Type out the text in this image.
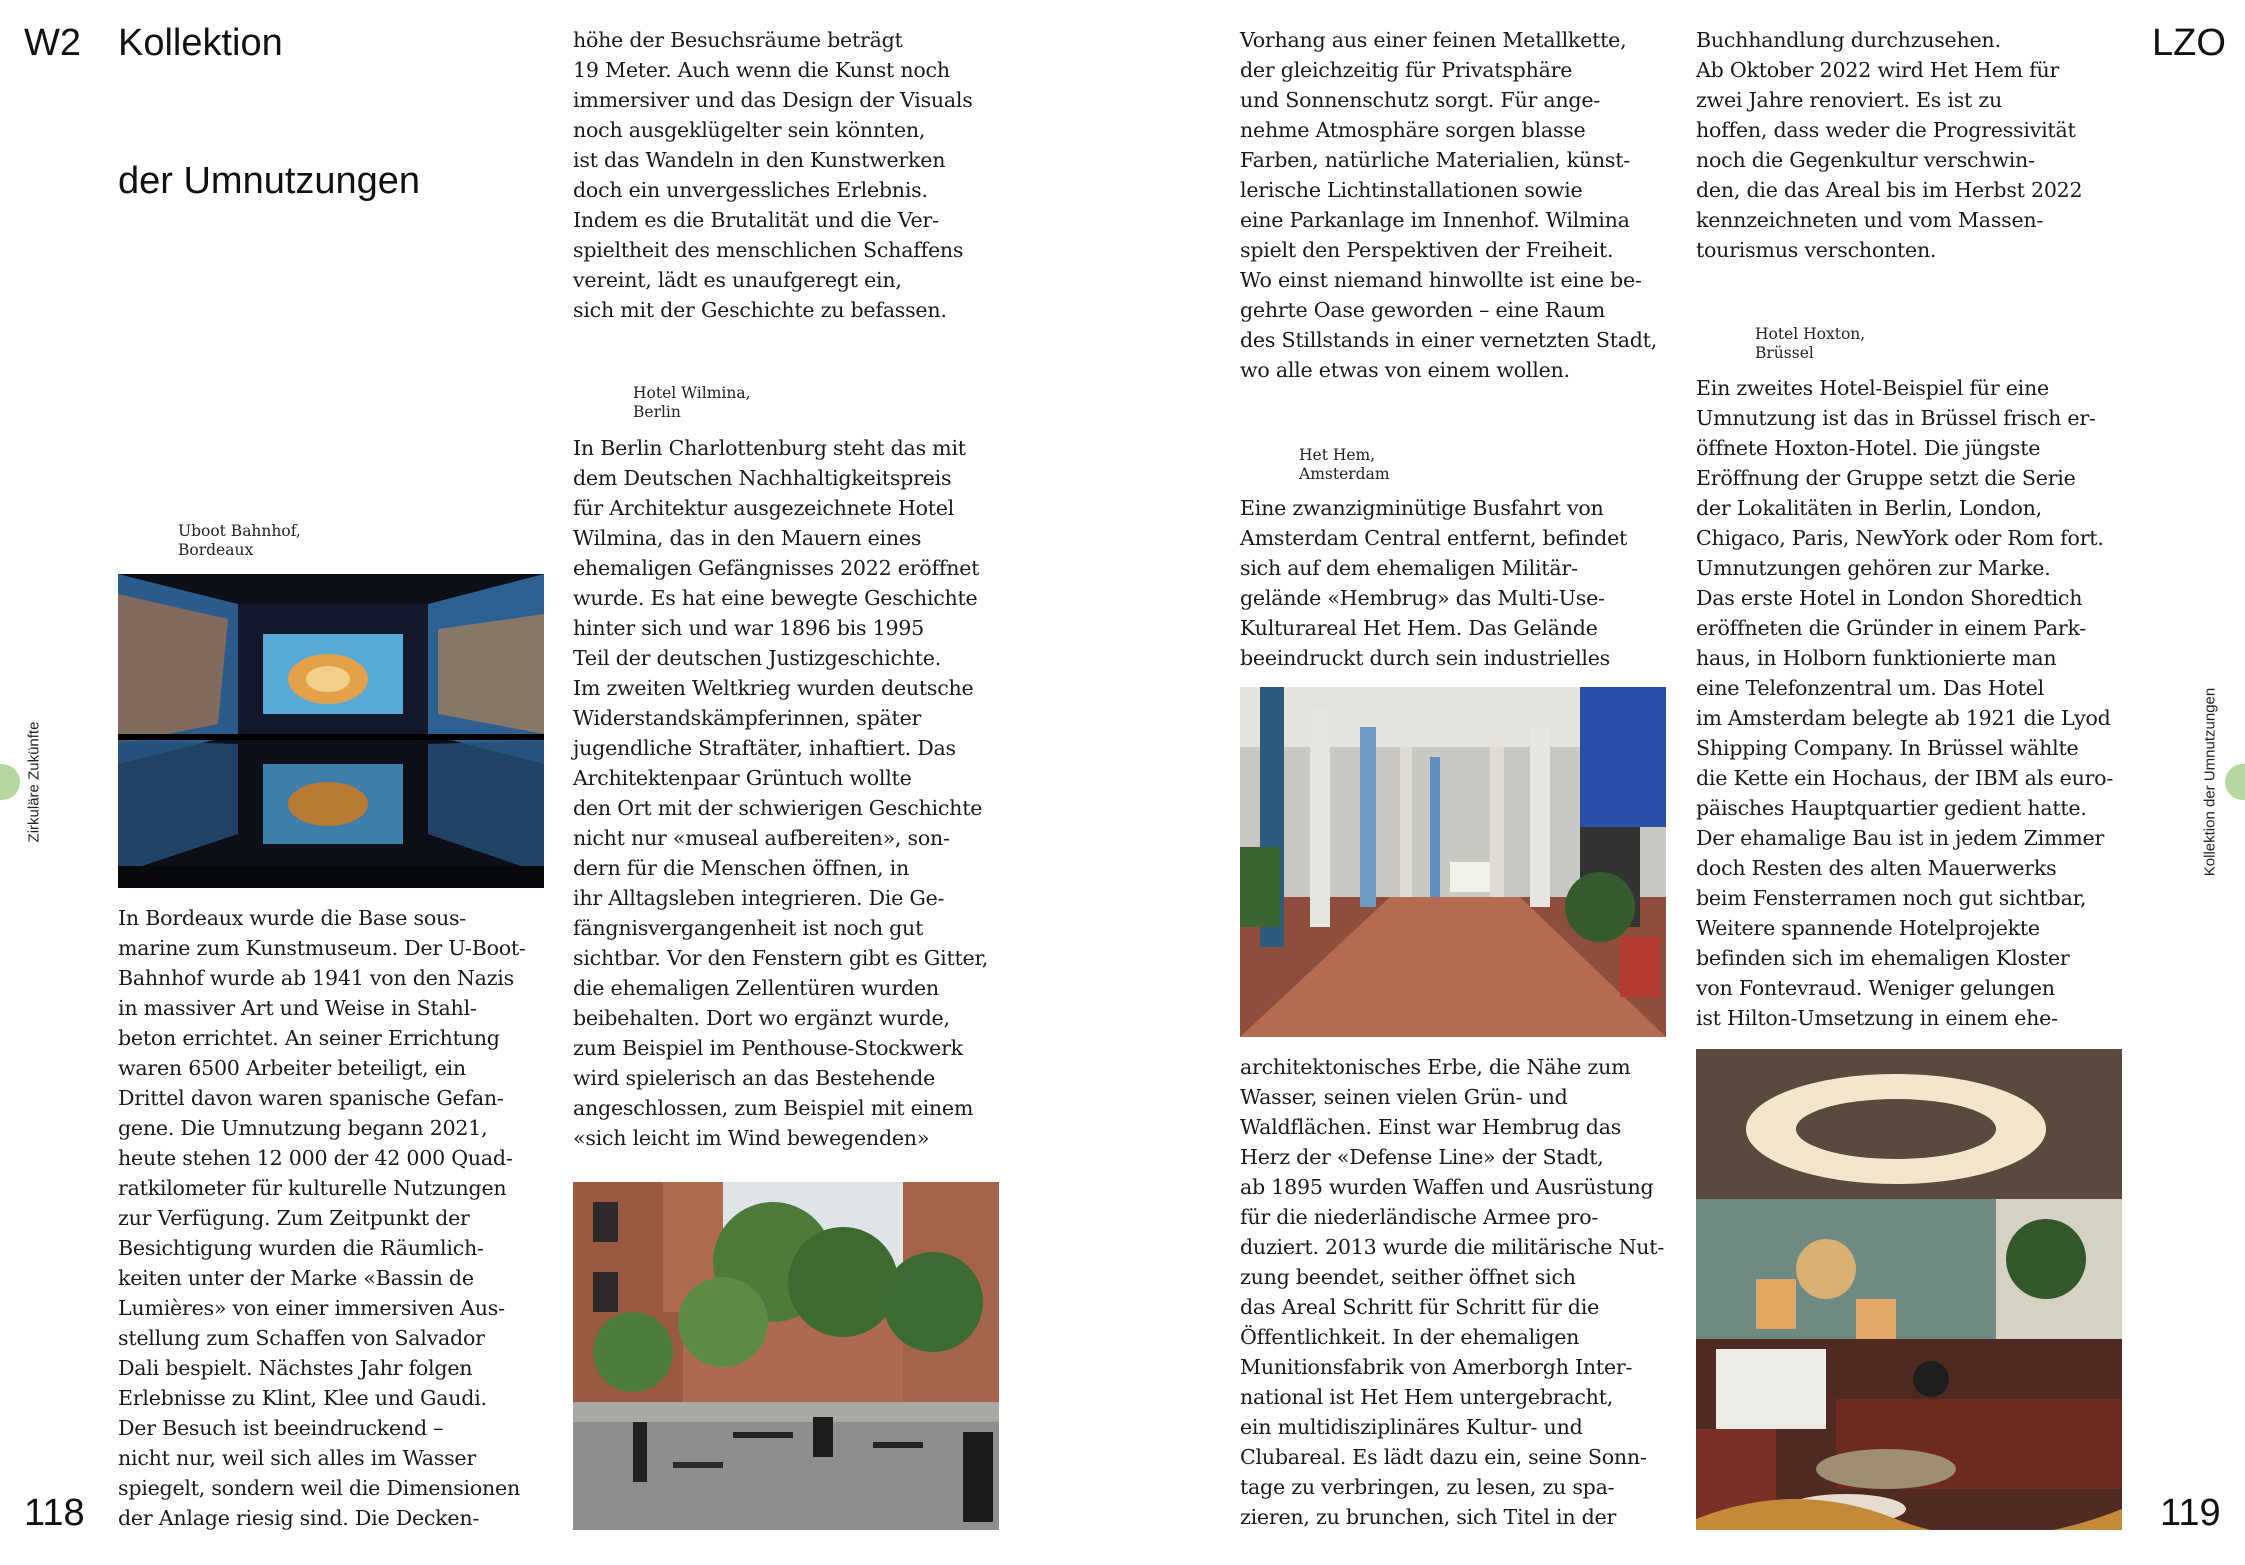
W2 Kollektion
der Umnutzungen
Zirkuläre Zukünfte
Uboot Bahnhof,
Bordeaux
In Bordeaux wurde die Base sous-
marine zum Kunstmuseum. Der U-Boot-
Bahnhof wurde ab 1941 von den Nazis
in massiver Art und Weise in Stahl-
beton errichtet. An seiner Errichtung
waren 6500 Arbeiter beteiligt, ein
Drittel davon waren spanische Gefan-
gene. Die Umnutzung begann 2021,
heute stehen 12 000 der 42 000 Quad-
ratkilometer für kulturelle Nutzungen
zur Verfügung. Zum Zeitpunkt der
Besichtigung wurden die Räumlich-
keiten unter der Marke «Bassin de
Lumières» von einer immersiven Aus-
stellung zum Schaffen von Salvador
Dali bespielt. Nächstes Jahr folgen
Erlebnisse zu Klint, Klee und Gaudi.
Der Besuch ist beeindruckend –
nicht nur, weil sich alles im Wasser
spiegelt, sondern weil die Dimensionen
der Anlage riesig sind. Die Decken-
höhe der Besuchsräume beträgt
19 Meter. Auch wenn die Kunst noch
immersiver und das Design der Visuals
noch ausgeklügelter sein könnten,
ist das Wandeln in den Kunstwerken
doch ein unvergessliches Erlebnis.
Indem es die Brutalität und die Ver-
spieltheit des menschlichen Schaffens
vereint, lädt es unaufgeregt ein,
sich mit der Geschichte zu befassen.
Hotel Wilmina,
Berlin
In Berlin Charlottenburg steht das mit
dem Deutschen Nachhaltigkeitspreis
für Architektur ausgezeichnete Hotel
Wilmina, das in den Mauern eines
ehemaligen Gefängnisses 2022 eröffnet
wurde. Es hat eine bewegte Geschichte
hinter sich und war 1896 bis 1995
Teil der deutschen Justizgeschichte.
Im zweiten Weltkrieg wurden deutsche
Widerstandskämpferinnen, später
jugendliche Straftäter, inhaftiert. Das
Architektenpaar Grüntuch wollte
den Ort mit der schwierigen Geschichte
nicht nur «museal aufbereiten», son-
dern für die Menschen öffnen, in
ihr Alltagsleben integrieren. Die Ge-
fängnisvergangenheit ist noch gut
sichtbar. Vor den Fenstern gibt es Gitter,
die ehemaligen Zellentüren wurden
beibehalten. Dort wo ergänzt wurde,
zum Beispiel im Penthouse-Stockwerk
wird spielerisch an das Bestehende
angeschlossen, zum Beispiel mit einem
«sich leicht im Wind bewegenden»
118
LZO
Kollektion der Umnutzungen
Vorhang aus einer feinen Metallkette,
der gleichzeitig für Privatsphäre
und Sonnenschutz sorgt. Für ange-
nehme Atmosphäre sorgen blasse
Farben, natürliche Materialien, künst-
lerische Lichtinstallationen sowie
eine Parkanlage im Innenhof. Wilmina
spielt den Perspektiven der Freiheit.
Wo einst niemand hinwollte ist eine be-
gehrte Oase geworden – eine Raum
des Stillstands in einer vernetzten Stadt,
wo alle etwas von einem wollen.
Het Hem,
Amsterdam
Eine zwanzigminütige Busfahrt von
Amsterdam Central entfernt, befindet
sich auf dem ehemaligen Militär-
gelände «Hembrug» das Multi-Use-
Kulturareal Het Hem. Das Gelände
beeindruckt durch sein industrielles
architektonisches Erbe, die Nähe zum
Wasser, seinen vielen Grün- und
Waldflächen. Einst war Hembrug das
Herz der «Defense Line» der Stadt,
ab 1895 wurden Waffen und Ausrüstung
für die niederländische Armee pro-
duziert. 2013 wurde die militärische Nut-
zung beendet, seither öffnet sich
das Areal Schritt für Schritt für die
Öffentlichkeit. In der ehemaligen
Munitionsfabrik von Amerborgh Inter-
national ist Het Hem untergebracht,
ein multidisziplinäres Kultur- und
Clubareal. Es lädt dazu ein, seine Sonn-
tage zu verbringen, zu lesen, zu spa-
zieren, zu brunchen, sich Titel in der
Buchhandlung durchzusehen.
Ab Oktober 2022 wird Het Hem für
zwei Jahre renoviert. Es ist zu
hoffen, dass weder die Progressivität
noch die Gegenkultur verschwin-
den, die das Areal bis im Herbst 2022
kennzeichneten und vom Massen-
tourismus verschonten.
Hotel Hoxton,
Brüssel
Ein zweites Hotel-Beispiel für eine
Umnutzung ist das in Brüssel frisch er-
öffnete Hoxton-Hotel. Die jüngste
Eröffnung der Gruppe setzt die Serie
der Lokalitäten in Berlin, London,
Chigaco, Paris, NewYork oder Rom fort.
Umnutzungen gehören zur Marke.
Das erste Hotel in London Shoredtich
eröffneten die Gründer in einem Park-
haus, in Holborn funktionierte man
eine Telefonzentral um. Das Hotel
im Amsterdam belegte ab 1921 die Lyod
Shipping Company. In Brüssel wählte
die Kette ein Hochaus, der IBM als euro-
päisches Hauptquartier gedient hatte.
Der ehamalige Bau ist in jedem Zimmer
doch Resten des alten Mauerwerks
beim Fensterramen noch gut sichtbar,
Weitere spannende Hotelprojekte
befinden sich im ehemaligen Kloster
von Fontevraud. Weniger gelungen
ist Hilton-Umsetzung in einem ehe-
119
